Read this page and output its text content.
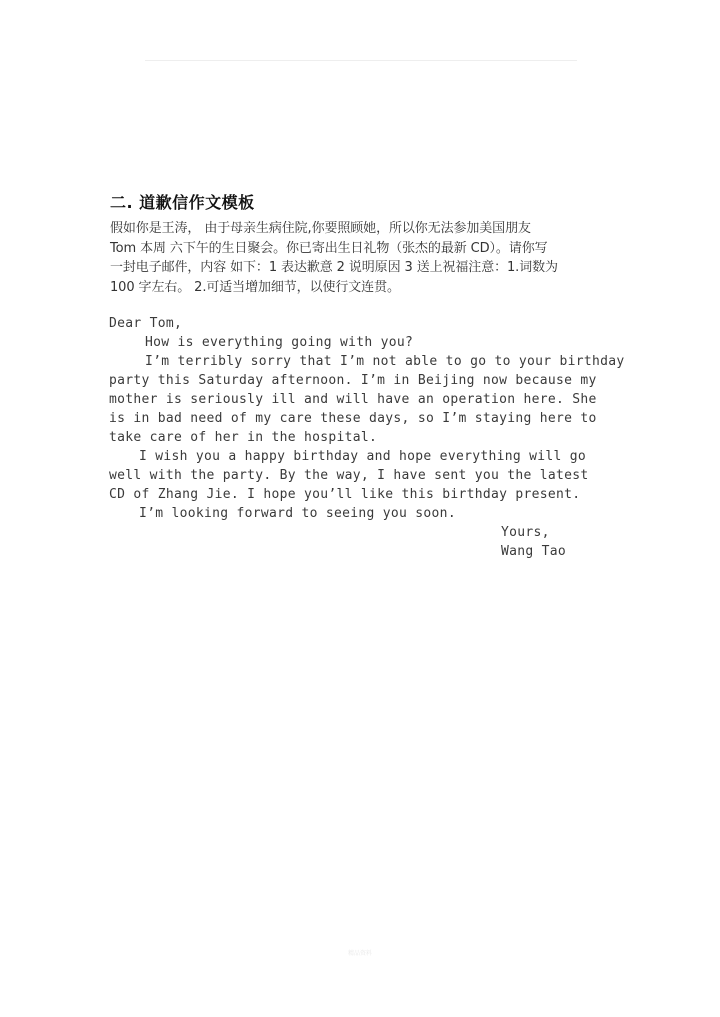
二. 道歉信作文模板
假如你是王涛， 由于母亲生病住院,你要照顾她，所以你无法参加美国朋友
Tom 本周 六下午的生日聚会。你已寄出生日礼物（张杰的最新 CD）。请你写
一封电子邮件，内容 如下：1 表达歉意 2 说明原因 3 送上祝福注意：1.词数为
100 字左右。 2.可适当增加细节，以使行文连贯。
Dear Tom,
How is everything going with you?
I’m terribly sorry that I’m not able to go to your birthday
party this Saturday afternoon. I’m in Beijing now because my
mother is seriously ill and will have an operation here. She
is in bad need of my care these days, so I’m staying here to
take care of her in the hospital.
I wish you a happy birthday and hope everything will go
well with the party. By the way, I have sent you the latest
CD of Zhang Jie. I hope you’ll like this birthday present.
I’m looking forward to seeing you soon.
Yours,
Wang Tao
精品资料
